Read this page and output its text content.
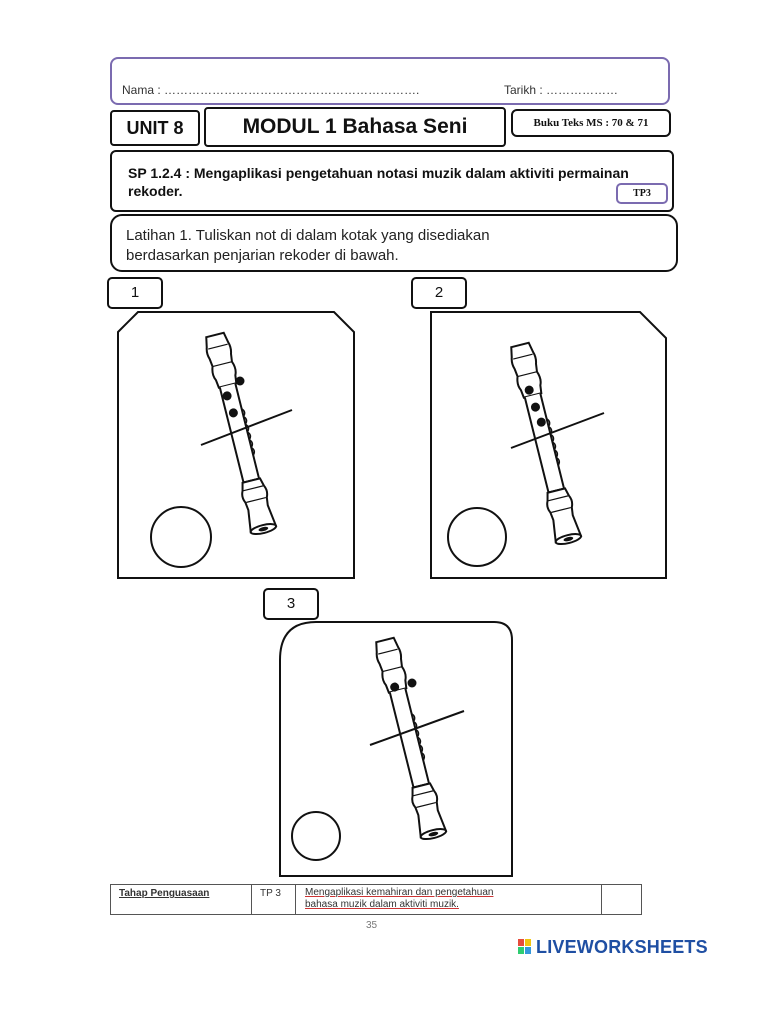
Nama : ……………………………………………………….	Tarikh : ………………
UNIT 8	MODUL 1 Bahasa Seni	Buku Teks MS : 70 & 71
SP 1.2.4 : Mengaplikasi pengetahuan notasi muzik dalam aktiviti permainan rekoder.	TP3
Latihan 1. Tuliskan not di dalam kotak yang disediakan
berdasarkan penjarian rekoder di bawah.
1	2
3
Tahap Penguasaan	TP 3 Mengaplikasi kemahiran dan pengetahuan
bahasa muzik dalam aktiviti muzik.
35
LIVEWORKSHEETS
